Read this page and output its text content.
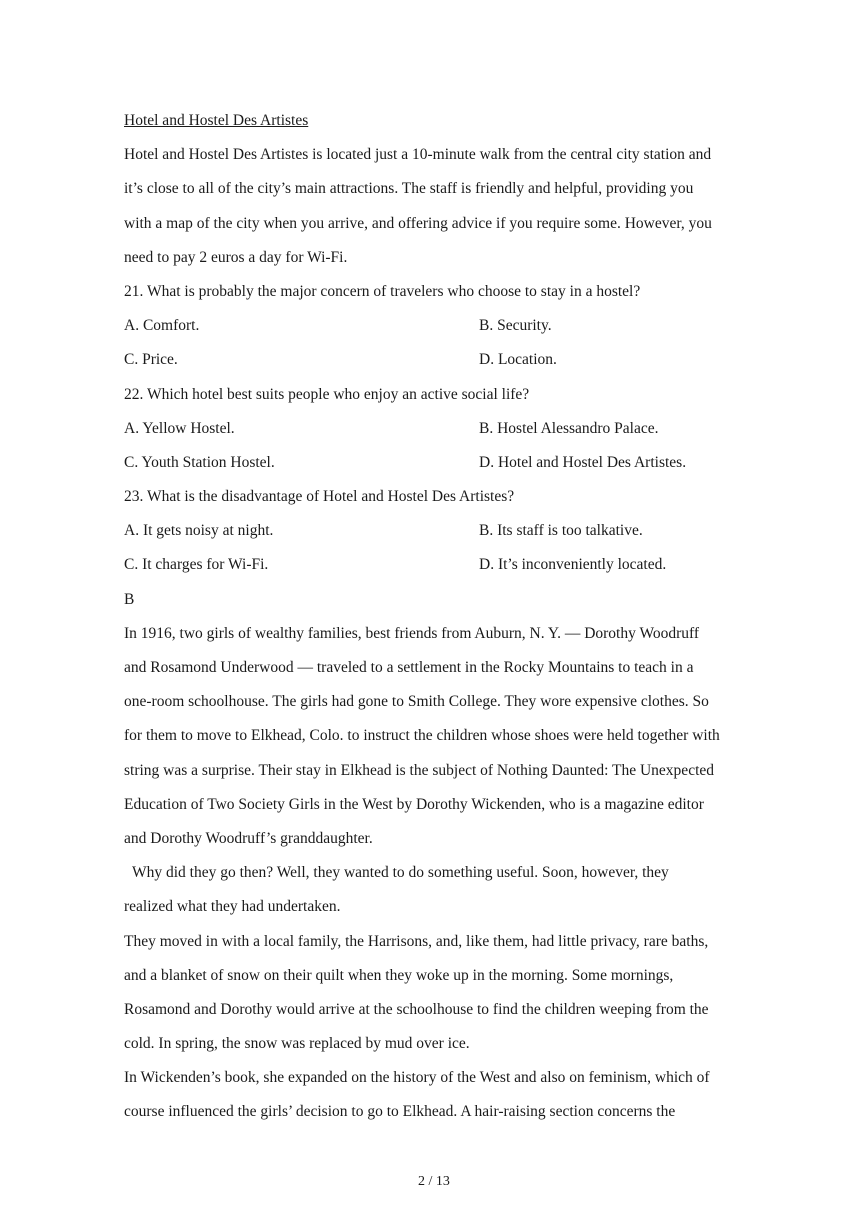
Hotel and Hostel Des Artistes
Hotel and Hostel Des Artistes is located just a 10-minute walk from the central city station and
it’s close to all of the city’s main attractions. The staff is friendly and helpful, providing you
with a map of the city when you arrive, and offering advice if you require some. However, you
need to pay 2 euros a day for Wi-Fi.
21. What is probably the major concern of travelers who choose to stay in a hostel?
A. Comfort.	B. Security.
C. Price.	D. Location.
22. Which hotel best suits people who enjoy an active social life?
A. Yellow Hostel.	B. Hostel Alessandro Palace.
C. Youth Station Hostel.	D. Hotel and Hostel Des Artistes.
23. What is the disadvantage of Hotel and Hostel Des Artistes?
A. It gets noisy at night.	B. Its staff is too talkative.
C. It charges for Wi-Fi.	D. It’s inconveniently located.
B
In 1916, two girls of wealthy families, best friends from Auburn, N. Y. — Dorothy Woodruff
and Rosamond Underwood — traveled to a settlement in the Rocky Mountains to teach in a
one-room schoolhouse. The girls had gone to Smith College. They wore expensive clothes. So
for them to move to Elkhead, Colo. to instruct the children whose shoes were held together with
string was a surprise. Their stay in Elkhead is the subject of Nothing Daunted: The Unexpected
Education of Two Society Girls in the West by Dorothy Wickenden, who is a magazine editor
and Dorothy Woodruff’s granddaughter.
Why did they go then? Well, they wanted to do something useful. Soon, however, they
realized what they had undertaken.
They moved in with a local family, the Harrisons, and, like them, had little privacy, rare baths,
and a blanket of snow on their quilt when they woke up in the morning. Some mornings,
Rosamond and Dorothy would arrive at the schoolhouse to find the children weeping from the
cold. In spring, the snow was replaced by mud over ice.
In Wickenden’s book, she expanded on the history of the West and also on feminism, which of
course influenced the girls’ decision to go to Elkhead. A hair-raising section concerns the
2 / 13
